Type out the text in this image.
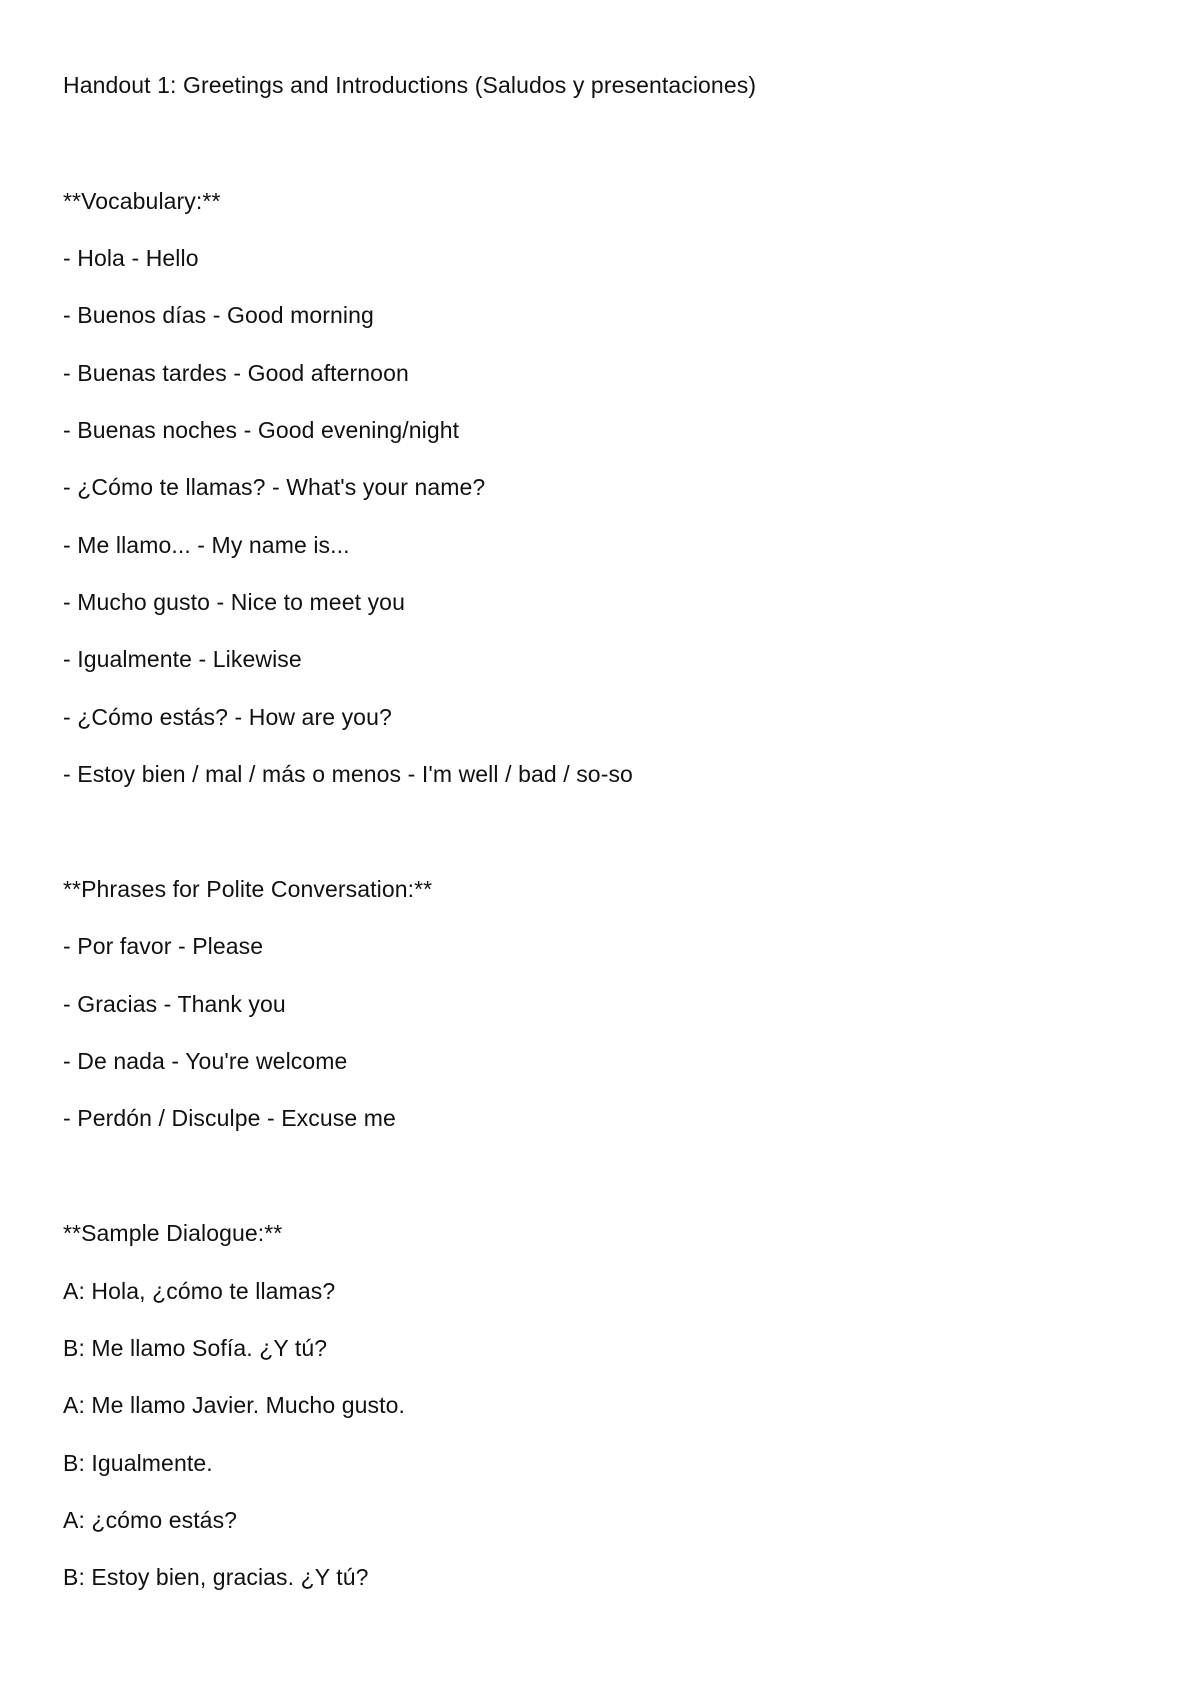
Handout 1: Greetings and Introductions (Saludos y presentaciones)
**Vocabulary:**
- Hola - Hello
- Buenos días - Good morning
- Buenas tardes - Good afternoon
- Buenas noches - Good evening/night
- ¿Cómo te llamas? - What's your name?
- Me llamo... - My name is...
- Mucho gusto - Nice to meet you
- Igualmente - Likewise
- ¿Cómo estás? - How are you?
- Estoy bien / mal / más o menos - I'm well / bad / so-so
**Phrases for Polite Conversation:**
- Por favor - Please
- Gracias - Thank you
- De nada - You're welcome
- Perdón / Disculpe - Excuse me
**Sample Dialogue:**
A: Hola, ¿cómo te llamas?
B: Me llamo Sofía. ¿Y tú?
A: Me llamo Javier. Mucho gusto.
B: Igualmente.
A: ¿cómo estás?
B: Estoy bien, gracias. ¿Y tú?
